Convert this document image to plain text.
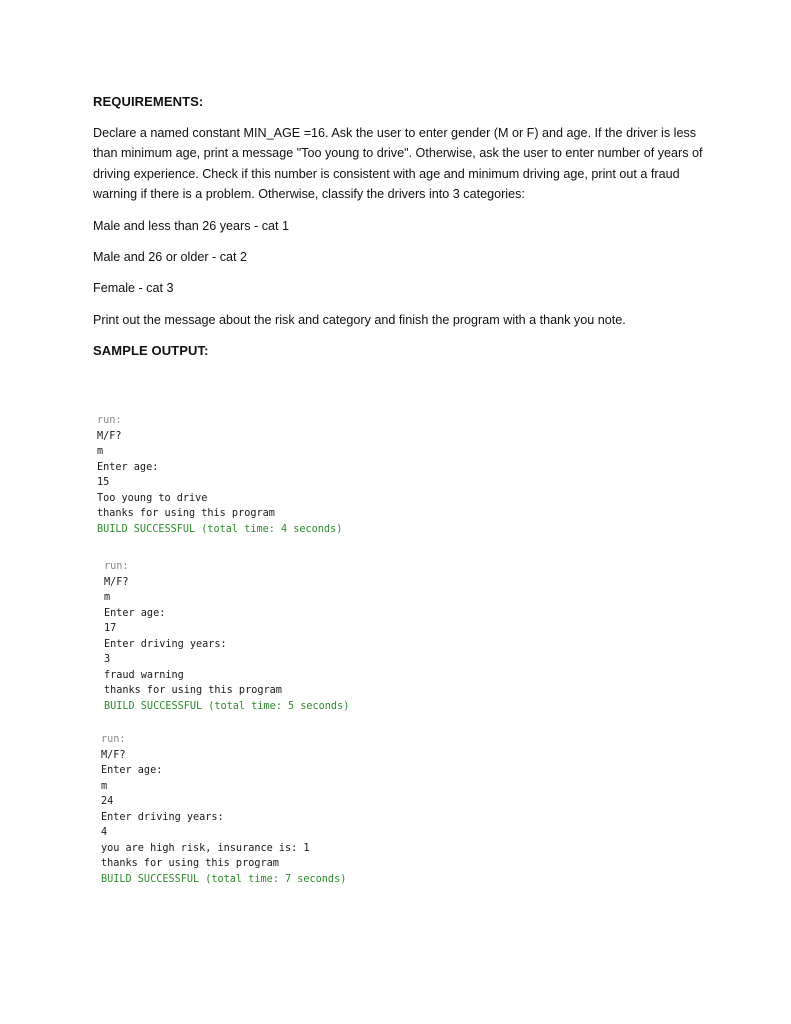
REQUIREMENTS:

Declare a named constant MIN_AGE =16. Ask the user to enter gender (M or F) and age. If the driver is less than minimum age, print a message "Too young to drive". Otherwise, ask the user to enter number of years of driving experience. Check if this number is consistent with age and minimum driving age, print out a fraud warning if there is a problem. Otherwise, classify the drivers into 3 categories:

Male and less than 26 years - cat 1

Male and 26 or older - cat 2

Female - cat 3

Print out the message about the risk and category and finish the program with a thank you note.

SAMPLE OUTPUT:

run:
M/F?
m
Enter age:
15
Too young to drive
thanks for using this program
BUILD SUCCESSFUL (total time: 4 seconds)
run:
M/F?
m
Enter age:
17
Enter driving years:
3
fraud warning
thanks for using this program
BUILD SUCCESSFUL (total time: 5 seconds)
run:
M/F?
Enter age:
m
24
Enter driving years:
4
you are high risk, insurance is: 1
thanks for using this program
BUILD SUCCESSFUL (total time: 7 seconds)
